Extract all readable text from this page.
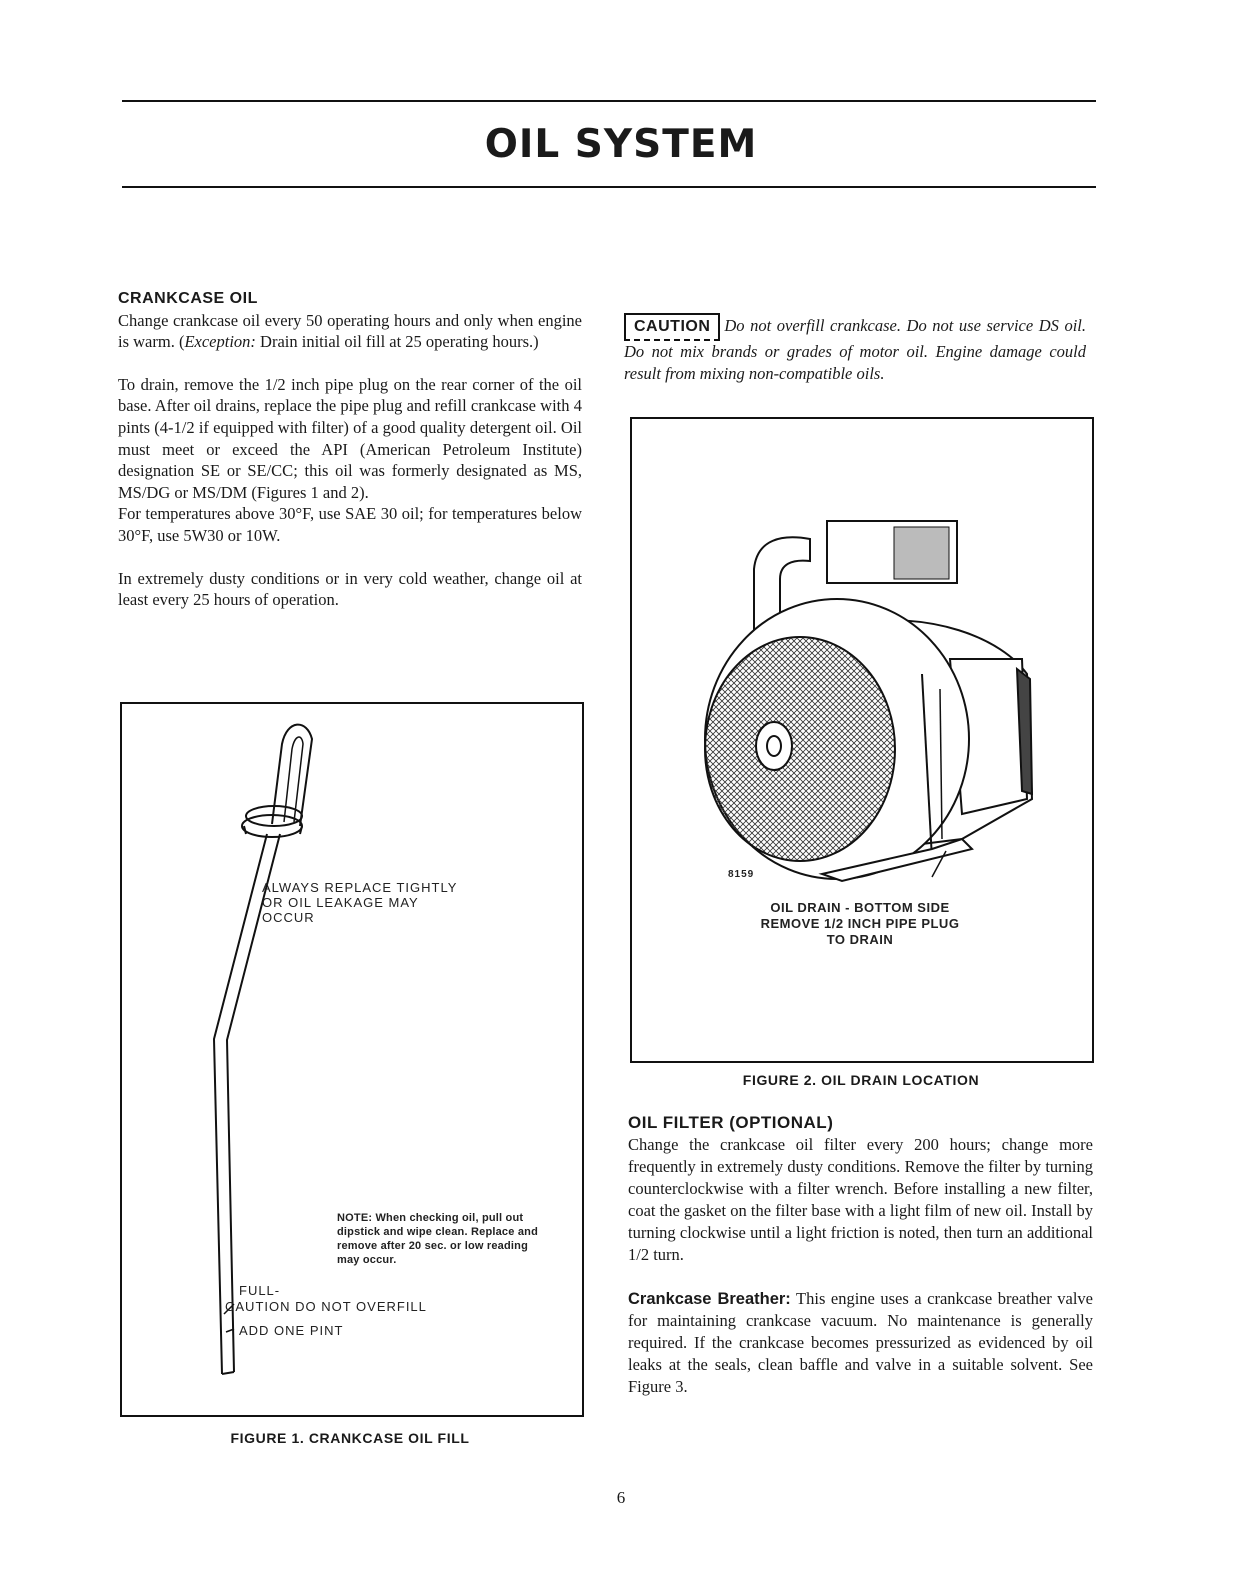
OIL SYSTEM

CRANKCASE OIL

Change crankcase oil every 50 operating hours and only when engine is warm. (Exception: Drain initial oil fill at 25 operating hours.)

To drain, remove the 1/2 inch pipe plug on the rear corner of the oil base. After oil drains, replace the pipe plug and refill crankcase with 4 pints (4-1/2 if equipped with filter) of a good quality detergent oil. Oil must meet or exceed the API (American Petroleum Institute) designation SE or SE/CC; this oil was formerly designated as MS, MS/DG or MS/DM (Figures 1 and 2).

For temperatures above 30°F, use SAE 30 oil; for temperatures below 30°F, use 5W30 or 10W.

In extremely dusty conditions or in very cold weather, change oil at least every 25 hours of operation.

ALWAYS REPLACE TIGHTLY OR OIL LEAKAGE MAY OCCUR
NOTE: When checking oil, pull out dipstick and wipe clean. Replace and remove after 20 sec. or low reading may occur.
FULL-
CAUTION DO NOT OVERFILL
ADD ONE PINT
FIGURE 1. CRANKCASE OIL FILL
CAUTION Do not overfill crankcase. Do not use service DS oil. Do not mix brands or grades of motor oil. Engine damage could result from mixing non-compatible oils.
8159
OIL DRAIN - BOTTOM SIDE REMOVE 1/2 INCH PIPE PLUG TO DRAIN
FIGURE 2. OIL DRAIN LOCATION

OIL FILTER (OPTIONAL)

Change the crankcase oil filter every 200 hours; change more frequently in extremely dusty conditions. Remove the filter by turning counterclockwise with a filter wrench. Before installing a new filter, coat the gasket on the filter base with a light film of new oil. Install by turning clockwise until a light friction is noted, then turn an additional 1/2 turn.

Crankcase Breather: This engine uses a crankcase breather valve for maintaining crankcase vacuum. No maintenance is generally required. If the crankcase becomes pressurized as evidenced by oil leaks at the seals, clean baffle and valve in a suitable solvent. See Figure 3.

6
